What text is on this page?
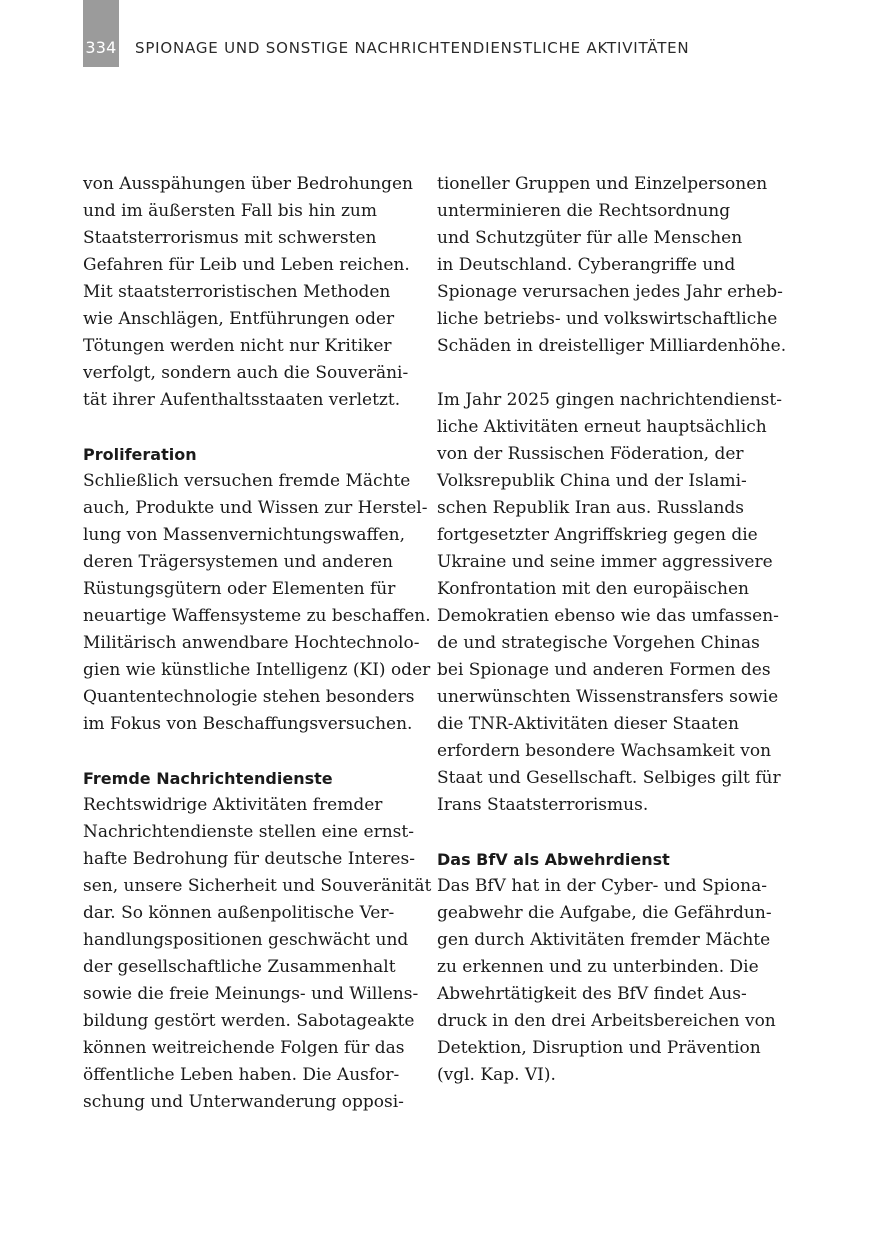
334 SPIONAGE UND SONSTIGE NACHRICHTENDIENSTLICHE AKTIVITÄTEN
von Ausspähungen über Bedrohungen
und im äußersten Fall bis hin zum
Staatsterrorismus mit schwersten
Gefahren für Leib und Leben reichen.
Mit staatsterroristischen Methoden
wie Anschlägen, Entführungen oder
Tötungen werden nicht nur Kritiker
verfolgt, sondern auch die Souveräni-
tät ihrer Aufenthaltsstaaten verletzt.
Proliferation
Schließlich versuchen fremde Mächte
auch, Produkte und Wissen zur Herstel-
lung von Massenvernichtungswaffen,
deren Trägersystemen und anderen
Rüstungsgütern oder Elementen für
neuartige Waffensysteme zu beschaffen.
Militärisch anwendbare Hochtechnolo-
gien wie künstliche Intelligenz (KI) oder
Quantentechnologie stehen besonders
im Fokus von Beschaffungsversuchen.
Fremde Nachrichtendienste
Rechtswidrige Aktivitäten fremder
Nachrichtendienste stellen eine ernst-
hafte Bedrohung für deutsche Interes-
sen, unsere Sicherheit und Souveränität
dar. So können außenpolitische Ver-
handlungspositionen geschwächt und
der gesellschaftliche Zusammenhalt
sowie die freie Meinungs- und Willens-
bildung gestört werden. Sabotageakte
können weitreichende Folgen für das
öffentliche Leben haben. Die Ausfor-
schung und Unterwanderung opposi-
tioneller Gruppen und Einzelpersonen
unterminieren die Rechtsordnung
und Schutzgüter für alle Menschen
in Deutschland. Cyberangriffe und
Spionage verursachen jedes Jahr erheb-
liche betriebs- und volkswirtschaftliche
Schäden in dreistelliger Milliardenhöhe.
Im Jahr 2025 gingen nachrichtendienst-
liche Aktivitäten erneut hauptsächlich
von der Russischen Föderation, der
Volksrepublik China und der Islami-
schen Republik Iran aus. Russlands
fortgesetzter Angriffskrieg gegen die
Ukraine und seine immer aggressivere
Konfrontation mit den europäischen
Demokratien ebenso wie das umfassen-
de und strategische Vorgehen Chinas
bei Spionage und anderen Formen des
unerwünschten Wissenstransfers sowie
die TNR-Aktivitäten dieser Staaten
erfordern besondere Wachsamkeit von
Staat und Gesellschaft. Selbiges gilt für
Irans Staatsterrorismus.
Das BfV als Abwehrdienst
Das BfV hat in der Cyber- und Spiona-
geabwehr die Aufgabe, die Gefährdun-
gen durch Aktivitäten fremder Mächte
zu erkennen und zu unterbinden. Die
Abwehrtätigkeit des BfV findet Aus-
druck in den drei Arbeitsbereichen von
Detektion, Disruption und Prävention
(vgl. Kap. VI).
